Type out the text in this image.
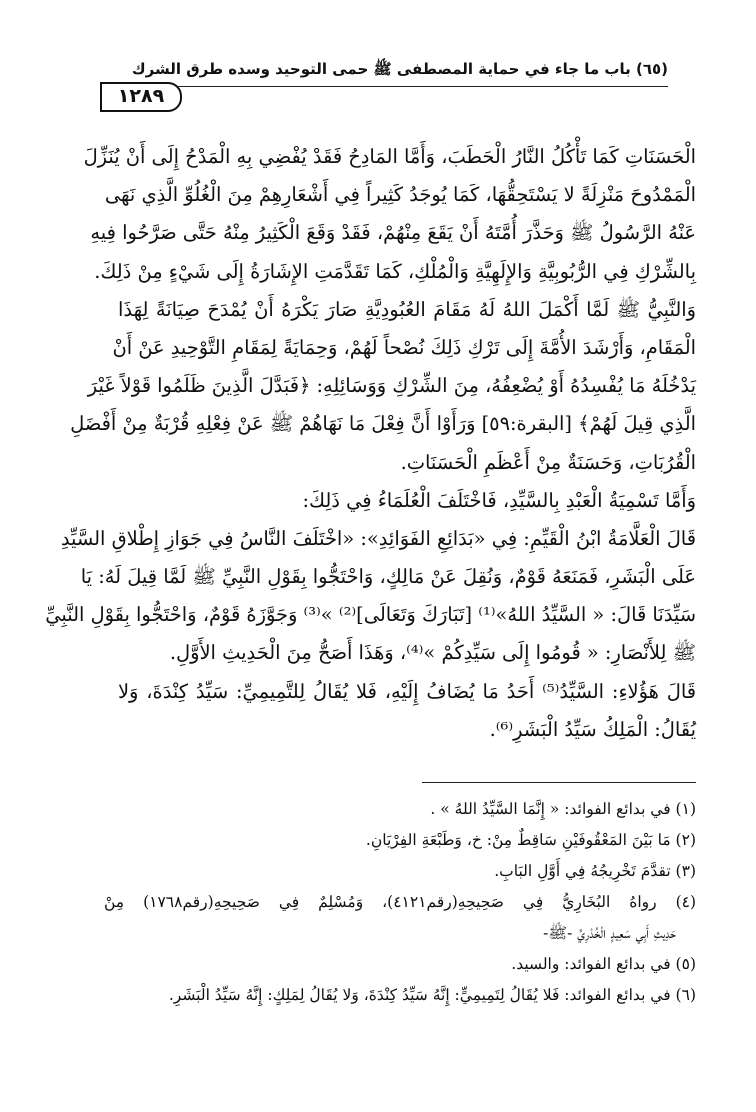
(٦٥) باب ما جاء في حماية المصطفى ﷺ حمى التوحيد وسده طرق الشرك
١٢٨٩
الْحَسَنَاتِ كَمَا تَأْكُلُ النَّارُ الْحَطَبَ، وَأَمَّا المَادِحُ فَقَدْ يُفْضِي بِهِ الْمَدْحُ إِلَى أَنْ يُنَزِّلَ
الْمَمْدُوحَ مَنْزِلَةً لا يَسْتَحِقُّهَا، كَمَا يُوجَدُ كَثِيراً فِي أَشْعَارِهِمْ مِنَ الْغُلُوِّ الَّذِي نَهَى
عَنْهُ الرَّسُولُ ﷺ وَحَذَّرَ أُمَّتَهُ أَنْ يَقَعَ مِنْهُمْ، فَقَدْ وَقَعَ الْكَثِيرُ مِنْهُ حَتَّى صَرَّحُوا فِيهِ
بِالشِّرْكِ فِي الرُّبُوبِيَّةِ وَالإِلَهِيَّةِ وَالْمُلْكِ، كَمَا تَقَدَّمَتِ الإِشَارَةُ إِلَى شَيْءٍ مِنْ ذَلِكَ.
وَالنَّبِيُّ ﷺ لَمَّا أَكْمَلَ اللهُ لَهُ مَقَامَ العُبُودِيَّةِ صَارَ يَكْرَهُ أَنْ يُمْدَحَ صِيَانَةً لِهَذَا
الْمَقَامِ، وَأَرْشَدَ الأُمَّةَ إِلَى تَرْكِ ذَلِكَ نُصْحاً لَهُمْ، وَحِمَايَةً لِمَقَامِ التَّوْحِيدِ عَنْ أَنْ
يَدْخُلَهُ مَا يُفْسِدُهُ أَوْ يُضْعِفُهُ، مِنَ الشِّرْكِ وَوَسَائِلِهِ: ﴿فَبَدَّلَ الَّذِينَ ظَلَمُوا قَوْلاً غَيْرَ
الَّذِي قِيلَ لَهُمْ﴾ [البقرة:٥٩] وَرَأَوْا أَنَّ فِعْلَ مَا نَهَاهُمْ ﷺ عَنْ فِعْلِهِ قُرْبَةٌ مِنْ أَفْضَلِ
الْقُرُبَاتِ، وَحَسَنَةٌ مِنْ أَعْظَمِ الْحَسَنَاتِ.
وَأَمَّا تَسْمِيَةُ الْعَبْدِ بِالسَّيِّدِ، فَاخْتَلَفَ الْعُلَمَاءُ فِي ذَلِكَ:
قَالَ الْعَلَّامَةُ ابْنُ الْقَيِّمِ: فِي «بَدَائِعِ الفَوَائِدِ»: «اخْتَلَفَ النَّاسُ فِي جَوَازِ إِطْلاقِ السَّيِّدِ
عَلَى الْبَشَرِ، فَمَنَعَهُ قَوْمٌ، وَنُقِلَ عَنْ مَالِكٍ، وَاحْتَجُّوا بِقَوْلِ النَّبِيِّ ﷺ لَمَّا قِيلَ لَهُ: يَا
سَيِّدَنَا قَالَ: « السَّيِّدُ اللهُ»⁽¹⁾ [تَبَارَكَ وَتَعَالَى]⁽²⁾ »⁽³⁾ وَجَوَّزَهُ قَوْمٌ، وَاحْتَجُّوا بِقَوْلِ النَّبِيِّ
ﷺ لِلأَنْصَارِ: « قُومُوا إِلَى سَيِّدِكُمْ »⁽⁴⁾، وَهَذَا أَصَحُّ مِنَ الْحَدِيثِ الأَوَّلِ.
قَالَ هَؤُلاءِ: السَّيِّدُ⁽⁵⁾ أَحَدُ مَا يُضَافُ إِلَيْهِ، فَلا يُقَالُ لِلتَّمِيمِيِّ: سَيِّدُ كِنْدَةَ، وَلا
يُقَالُ: الْمَلِكُ سَيِّدُ الْبَشَرِ⁽⁶⁾.
(١) في بدائع الفوائد: « إِنَّمَا السَّيِّدُ اللهُ » .
(٢) مَا بَيْنَ المَعْقُوفَيْنِ سَاقِطٌ مِنْ: خ، وَطَبْعَةِ الفِرْيَانِ.
(٣) تقدَّمَ تَخْرِيجُهُ فِي أَوَّلِ البَابِ.
(٤) رواهُ البُخَارِيُّ فِي صَحِيحِهِ(رقم٤١٢١)، وَمُسْلِمٌ فِي صَحِيحِهِ(رقم١٧٦٨) مِنْ
حَدِيثِ أَبِي سَعِيدٍ الْخُدْرِيِّ -ﷺ-
(٥) في بدائع الفوائد: والسيد.
(٦) في بدائع الفوائد: فَلا يُقَالُ لِتَمِيمِيٍّ: إِنَّهُ سَيِّدُ كِنْدَةَ، وَلا يُقَالُ لِمَلِكٍ: إِنَّهُ سَيِّدُ الْبَشَرِ.
